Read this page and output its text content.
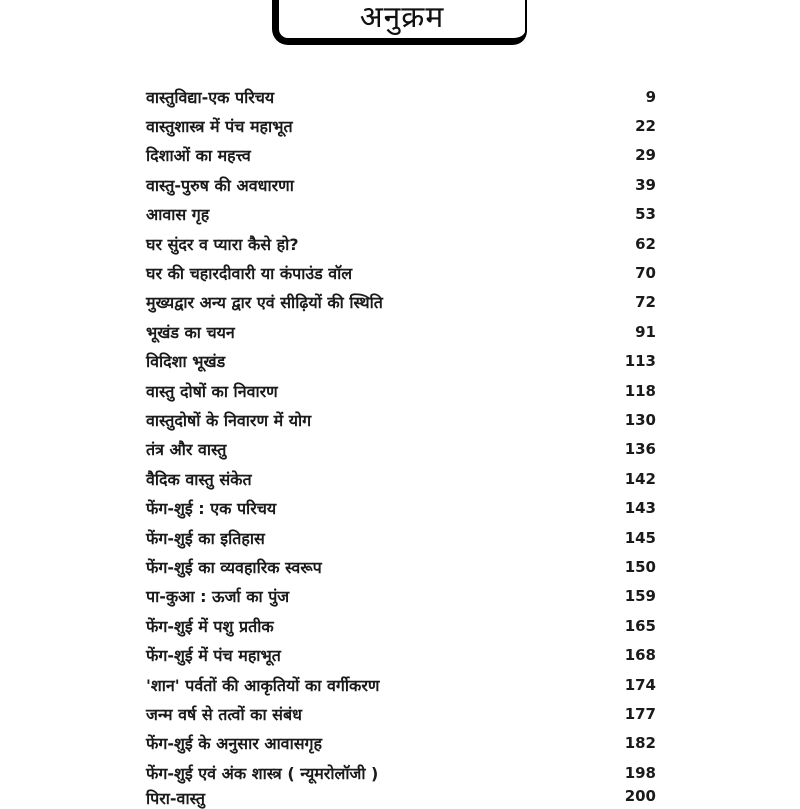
अनुक्रम
वास्तुविद्या-एक परिचय	9
वास्तुशास्त्र में पंच महाभूत	22
दिशाओं का महत्त्व	29
वास्तु-पुरुष की अवधारणा	39
आवास गृह	53
घर सुंदर व प्यारा कैसे हो?	62
घर की चहारदीवारी या कंपाउंड वॉल	70
मुख्यद्वार अन्य द्वार एवं सीढ़ियों की स्थिति	72
भूखंड का चयन	91
विदिशा भूखंड	113
वास्तु दोषों का निवारण	118
वास्तुदोषों के निवारण में योग	130
तंत्र और वास्तु	136
वैदिक वास्तु संकेत	142
फेंग-शुई : एक परिचय	143
फेंग-शुई का इतिहास	145
फेंग-शुई का व्यवहारिक स्वरूप	150
पा-कुआ : ऊर्जा का पुंज	159
फेंग-शुई में पशु प्रतीक	165
फेंग-शुई में पंच महाभूत	168
'शान' पर्वतों की आकृतियों का वर्गीकरण	174
जन्म वर्ष से तत्वों का संबंध	177
फेंग-शुई के अनुसार आवासगृह	182
फेंग-शुई एवं अंक शास्त्र ( न्यूमरोलॉजी )	198
पिरा-वास्तु	200
